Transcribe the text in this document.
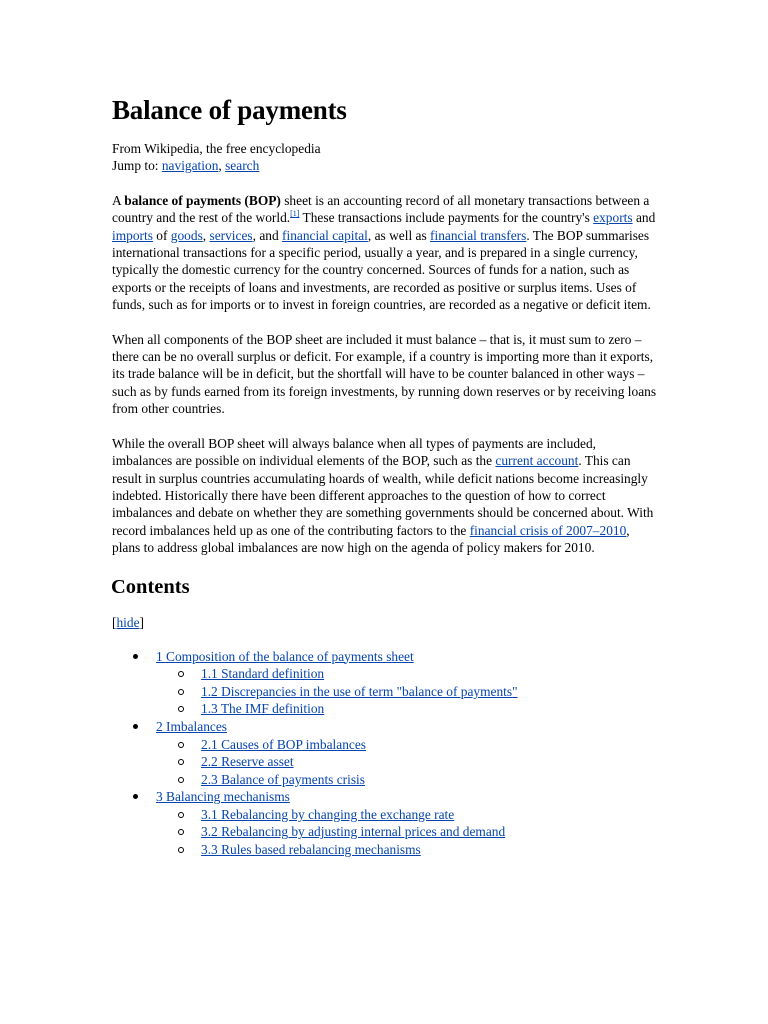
Balance of payments
From Wikipedia, the free encyclopedia
Jump to: navigation, search

A balance of payments (BOP) sheet is an accounting record of all monetary transactions between a country and the rest of the world.[1] These transactions include payments for the country's exports and imports of goods, services, and financial capital, as well as financial transfers. The BOP summarises international transactions for a specific period, usually a year, and is prepared in a single currency, typically the domestic currency for the country concerned. Sources of funds for a nation, such as exports or the receipts of loans and investments, are recorded as positive or surplus items. Uses of funds, such as for imports or to invest in foreign countries, are recorded as a negative or deficit item.

When all components of the BOP sheet are included it must balance – that is, it must sum to zero – there can be no overall surplus or deficit. For example, if a country is importing more than it exports, its trade balance will be in deficit, but the shortfall will have to be counter balanced in other ways – such as by funds earned from its foreign investments, by running down reserves or by receiving loans from other countries.

While the overall BOP sheet will always balance when all types of payments are included, imbalances are possible on individual elements of the BOP, such as the current account. This can result in surplus countries accumulating hoards of wealth, while deficit nations become increasingly indebted. Historically there have been different approaches to the question of how to correct imbalances and debate on whether they are something governments should be concerned about. With record imbalances held up as one of the contributing factors to the financial crisis of 2007–2010, plans to address global imbalances are now high on the agenda of policy makers for 2010.

Contents
[hide]
1 Composition of the balance of payments sheet
1.1 Standard definition
1.2 Discrepancies in the use of term "balance of payments"
1.3 The IMF definition
2 Imbalances
2.1 Causes of BOP imbalances
2.2 Reserve asset
2.3 Balance of payments crisis
3 Balancing mechanisms
3.1 Rebalancing by changing the exchange rate
3.2 Rebalancing by adjusting internal prices and demand
3.3 Rules based rebalancing mechanisms
